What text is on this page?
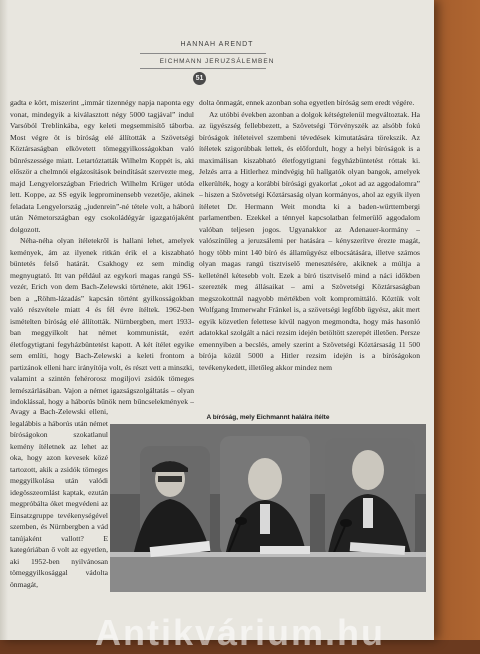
HANNAH ARENDT
EICHMANN JERUZSÁLEMBEN
51

gadta e kört, miszerint „immár tizennégy napja naponta egy vonat, mindegyik a kiválasztott négy 5000 tagjával” indul Varsóból Treblinkába, egy keleti megsemmisítő táborba. Most végre öt is bíróság elé állították a Szövetségi Köztársaságban elkövetett tömeggyilkosságokban való bűnrészessége miatt. Letartóztatták Wilhelm Koppét is, aki először a chelmnói elgázosítások beindítását szervezte meg, majd Lengyelországban Friedrich Wilhelm Krüger utóda lett. Koppe, az SS egyik legprominensebb vezetője, akinek feladata Lengyelország „judenrein”-né tétele volt, a háború után Németországban egy csokoládégyár igazgatójaként dolgozott.

Néha-néha olyan ítéletekről is hallani lehet, amelyek kemények, ám az ilyenek ritkán érik el a kiszabható büntetés felső határát. Csakhogy ez sem mindig megnyugtató. Itt van például az egykori magas rangú SS-vezér, Erich von dem Bach-Zelewski története, akit 1961-ben a „Röhm-lázadás” kapcsán történt gyilkosságokban való részvétele miatt 4 és fél évre ítéltek. 1962-ben ismételten bíróság elé állították. Nürnbergben, mert 1933-ban meggyilkolt hat német kommunistát, ezért életfogytigtani fegyházbüntetést kapott. A két ítélet egyike sem említi, hogy Bach-Zelewski a keleti frontom a partizánok elleni harc irányítója volt, és részt vett a minszki, valamint a szintén fehérorosz mogiljovi zsidók tömeges lemészárlásában. Vajon a német igazságszolgáltatás – olyan indoklással, hogy a háborús bűnök nem bűncselekmények –

dolta önmagát, ennek azonban soha egyetlen bíróság sem eredt végére.

Az utóbbi években azonban a dolgok kétségtelenül megváltoztak. Ha az ügyészség fellebbezett, a Szövetségi Törvényszék az alsóbb fokú bíróságok ítéleteivel szembeni tévedések kimutatására törekszik. Az ítéletek szigorúbbak lettek, és előfordult, hogy a helyi bíróságok is a maximálisan kiszabható életfogytigtani fegyházbüntetést róttak ki. Jelzés arra a Hitlerhez mindvégig hű hallgatók olyan bangok, amelyek elkerülték, hogy a korábbi bírósági gyakorlat „okot ad az aggodalomra” – hiszen a Szövetségi Köztársaság olyan kormányos, ahol az egyik ilyen ítéletet Dr. Hermann Weit mondta ki a baden-württembergi parlamentben. Ezekkel a ténnyel kapcsolatban felmerülő aggodalom valóban teljesen jogos. Ugyanakkor az Adenauer-kormány – valószínűleg a jeruzsálemi per hatására – kényszerítve érezte magát, hogy több mint 140 bíró és államügyész elbocsátására, illetve számos olyan magas rangú tisztviselő menesztésére, akiknek a múltja a kelleténél kétesebb volt. Ezek a bíró tisztviselő mind a náci időkben szerezték meg állásaikat – ami a Szövetségi Köztársaságban megszokottnál nagyobb mértékben volt kompromittáló. Köztük volt Wolfgang Immerwahr Fränkel is, a szövetségi legfőbb ügyész, akit mert egyik közvetlen felettese kívül nagyon megmondta, hogy más hasonló adatokkal szolgált a náci rezsim idején betöltött szerepét illetően. Persze emennyiben a becslés, amely szerint a Szövetségi Köztársaság 11 500 bírója közül 5000 a Hitler rezsim idején is a bíróságokon tevékenykedett, illetőleg akkor mindez nem

Avagy a Bach-Zelewski elleni, legalábbis a háborús után német bíróságokon szokatlanul kemény ítéletnek az lehet az oka, hogy azon kevesek közé tartozott, akik a zsidók tömeges meggyilkolása után valódi idegösszeomlást kaptak, ezután megpróbálta óket megvédeni az Einsatzgruppe tevékenységével szemben, és Nürnbergben a vád tanújaként vallott? E kategóriában ő volt az egyetlen, aki 1952-ben nyilvánosan tömeggyilkosággal vádolta önmagát,

A bíróság, mely Eichmannt halálra ítélte
Antikvárium.hu
